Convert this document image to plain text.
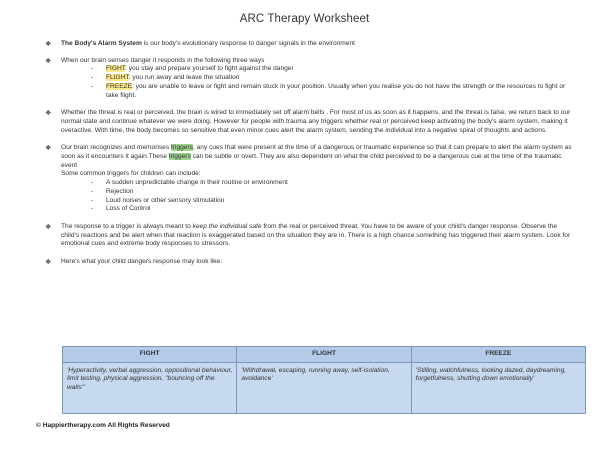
ARC Therapy Worksheet
❖ The Body's Alarm System is our body's evolutionary response to danger signals in the environment
❖ When our brain senses danger it responds in the following three ways
- FIGHT: you stay and prepare yourself to fight against the danger
- FLIGHT: you run away and leave the situation
- FREEZE: you are unable to leave or fight and remain stuck in your position. Usually when you realise you do not have the strength or the resources to fight or take flight.
❖ Whether the threat is real or perceived, the brain is wired to immediately set off alarm bells . For most of us as soon as it happens, and the threat is false, we return back to our normal state and continue whatever we were doing. However for people with trauma any triggers whether real or perceived keep activating the body's alarm system, making it overactive. With time, the body becomes so sensitive that even minor cues alert the alarm system, sending the individual into a negative spiral of thoughts and actions.
❖ Our brain recognizes and memorises triggers, any cues that were present at the time of a dangerous or traumatic experience so that it can prepare to alert the alarm system as soon as it encounters it again.These triggers can be subtle or overt. They are also dependent on what the child perceived to be a dangerous cue at the time of the traumatic event
Some common triggers for children can include:
- A sudden unpredictable change in their routine or environment
- Rejection
- Loud noises or other sensory stimulation
- Loss of Control
❖ The response to a trigger is always meant to keep the individual safe from the real or perceived threat. You have to be aware of your child's danger response. Observe the child's reactions and be alert when that reaction is exaggerated based on the situation they are in. There is a high chance something has triggered their alarm system. Look for emotional cues and extreme body responses to stressors.
❖ Here's what your child dangers response may look like:
FIGHT	FLIGHT	FREEZE
'Hyperactivity, verbal aggression, oppositional behaviour, limit testing, physical aggression, "bouncing off the walls"'	'Withdrawal, escaping, running away, self-isolation, avoidance'	'Stilling, watchfulness, looking dazed, daydreaming, forgetfulness, shutting down emotionally'
© Happiertherapy.com All Rights Reserved
